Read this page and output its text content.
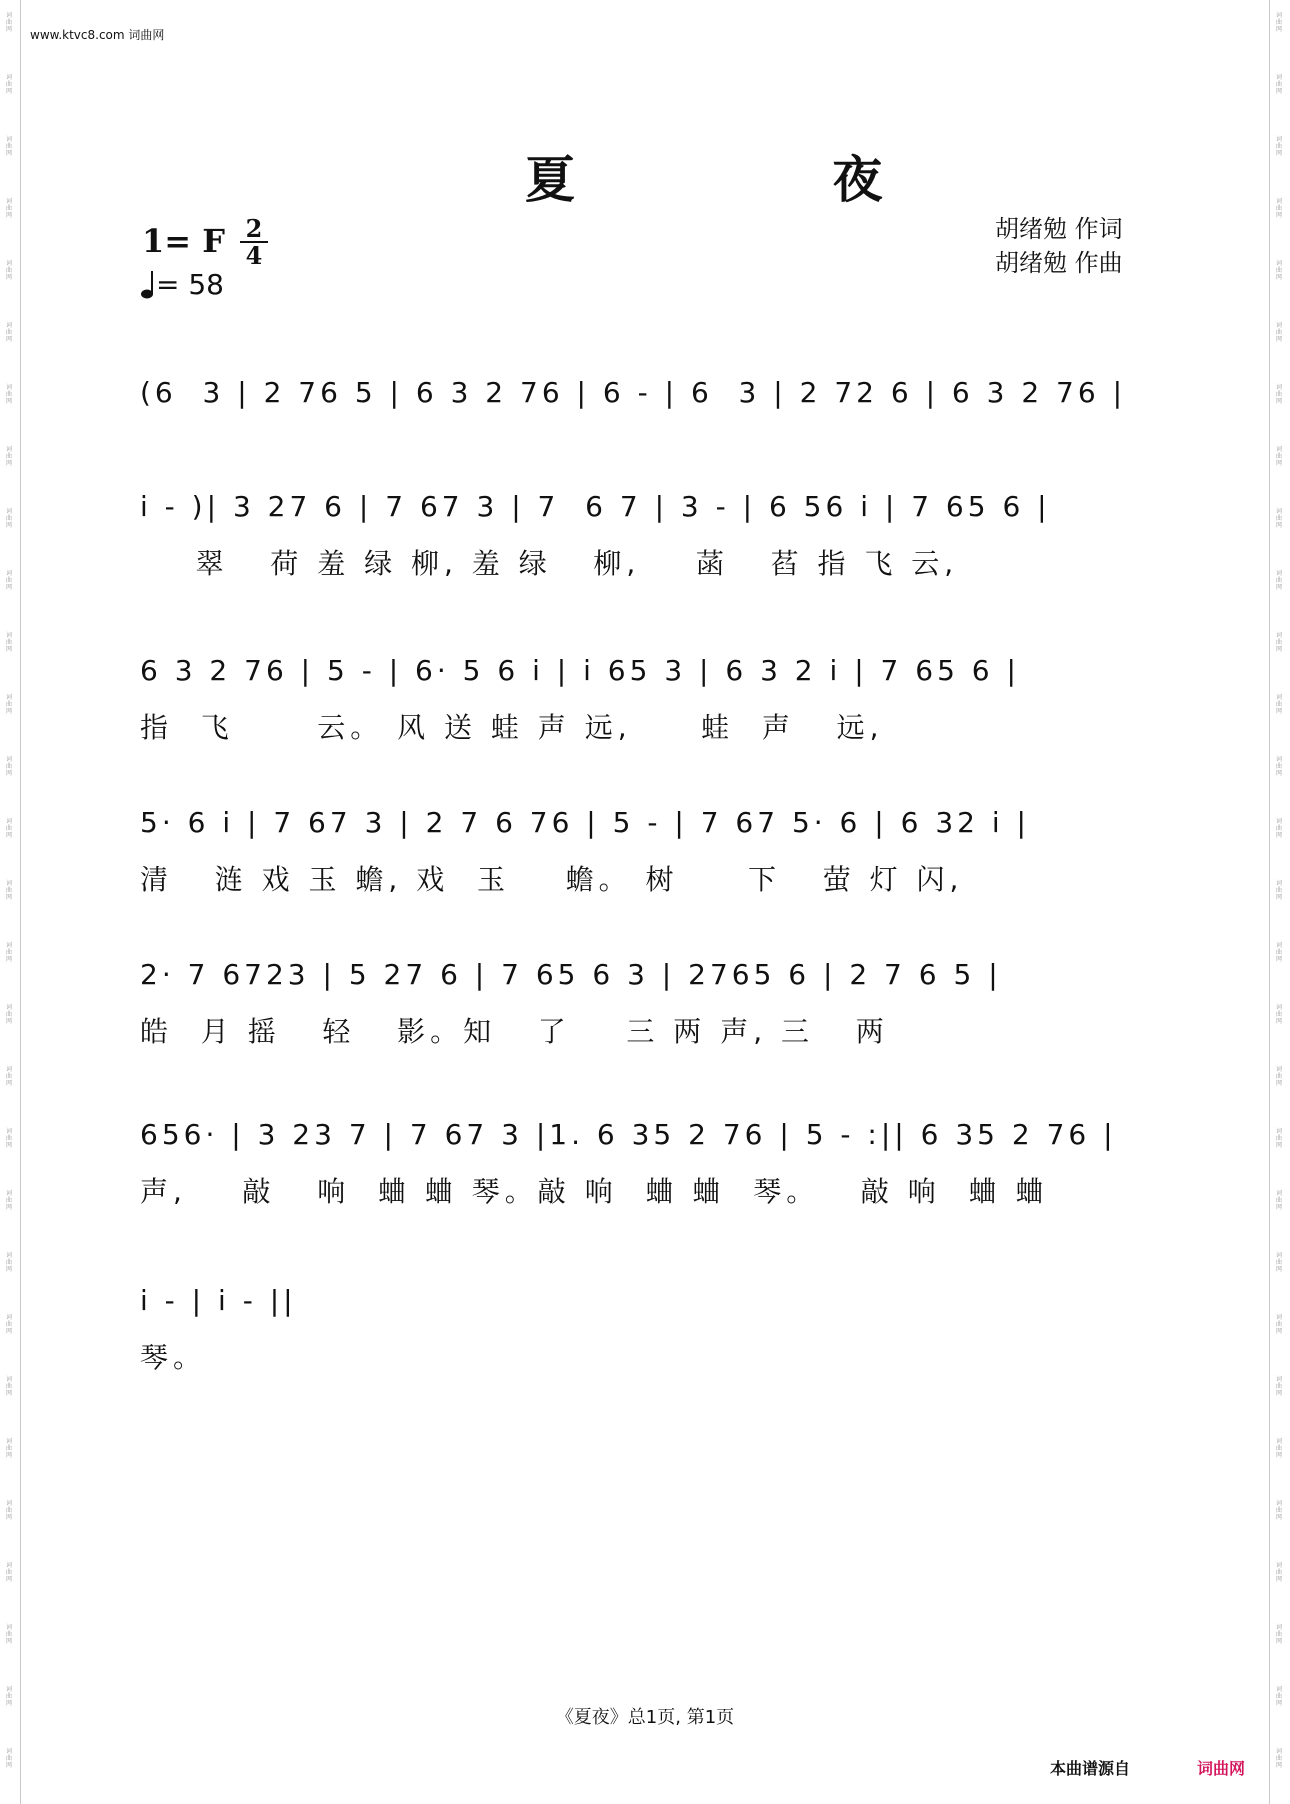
词曲网
词曲网
词曲网
词曲网
词曲网
词曲网
词曲网
词曲网
词曲网
词曲网
词曲网
词曲网
词曲网
词曲网
词曲网
词曲网
词曲网
词曲网
词曲网
词曲网
词曲网
词曲网
词曲网
词曲网
词曲网
词曲网
词曲网
词曲网
词曲网
词曲网
词曲网
词曲网
词曲网
词曲网
词曲网
词曲网
词曲网
词曲网
词曲网
词曲网
词曲网
词曲网
词曲网
词曲网
词曲网
词曲网
词曲网
词曲网
词曲网
词曲网
词曲网
词曲网
词曲网
词曲网
词曲网
词曲网
词曲网
词曲网
www.ktvc8.com 词曲网
夏 夜
1= F $\frac{2}{4}$
= 58
胡绪勉 作词
胡绪勉 作曲
(6  3 | 2 76 5 | 6 3 2 76 | 6 - | 6  3 | 2 72 6 | 6 3 2 76 |
i - )| 3 27 6 | 7 67 3 | 7  6 7 | 3 - | 6 56 i | 7 65 6 |
翠   荷 羞 绿 柳, 羞 绿   柳,    菡   萏 指 飞 云,
6 3 2 76 | 5 - | 6· 5 6 i | i 65 3 | 6 3 2 i | 7 65 6 |
指  飞      云。 风 送 蛙 声 远,     蛙  声   远,
5· 6 i | 7 67 3 | 2 7 6 76 | 5 - | 7 67 5· 6 | 6 32 i |
清   涟 戏 玉 蟾, 戏  玉    蟾。 树     下   萤 灯 闪,
2· 7 6723 | 5 27 6 | 7 65 6 3 | 2765 6 | 2 7 6 5 |
皓  月 摇   轻   影。知   了    三 两 声, 三   两
656· | 3 23 7 | 7 67 3 |1. 6 35 2 76 | 5 - :|| 6 35 2 76 |
声,    敲   响  蛐 蛐 琴。敲 响  蛐 蛐  琴。   敲 响  蛐 蛐
i - | i - ||
琴。
《夏夜》总1页, 第1页
本曲谱源自	词曲网
